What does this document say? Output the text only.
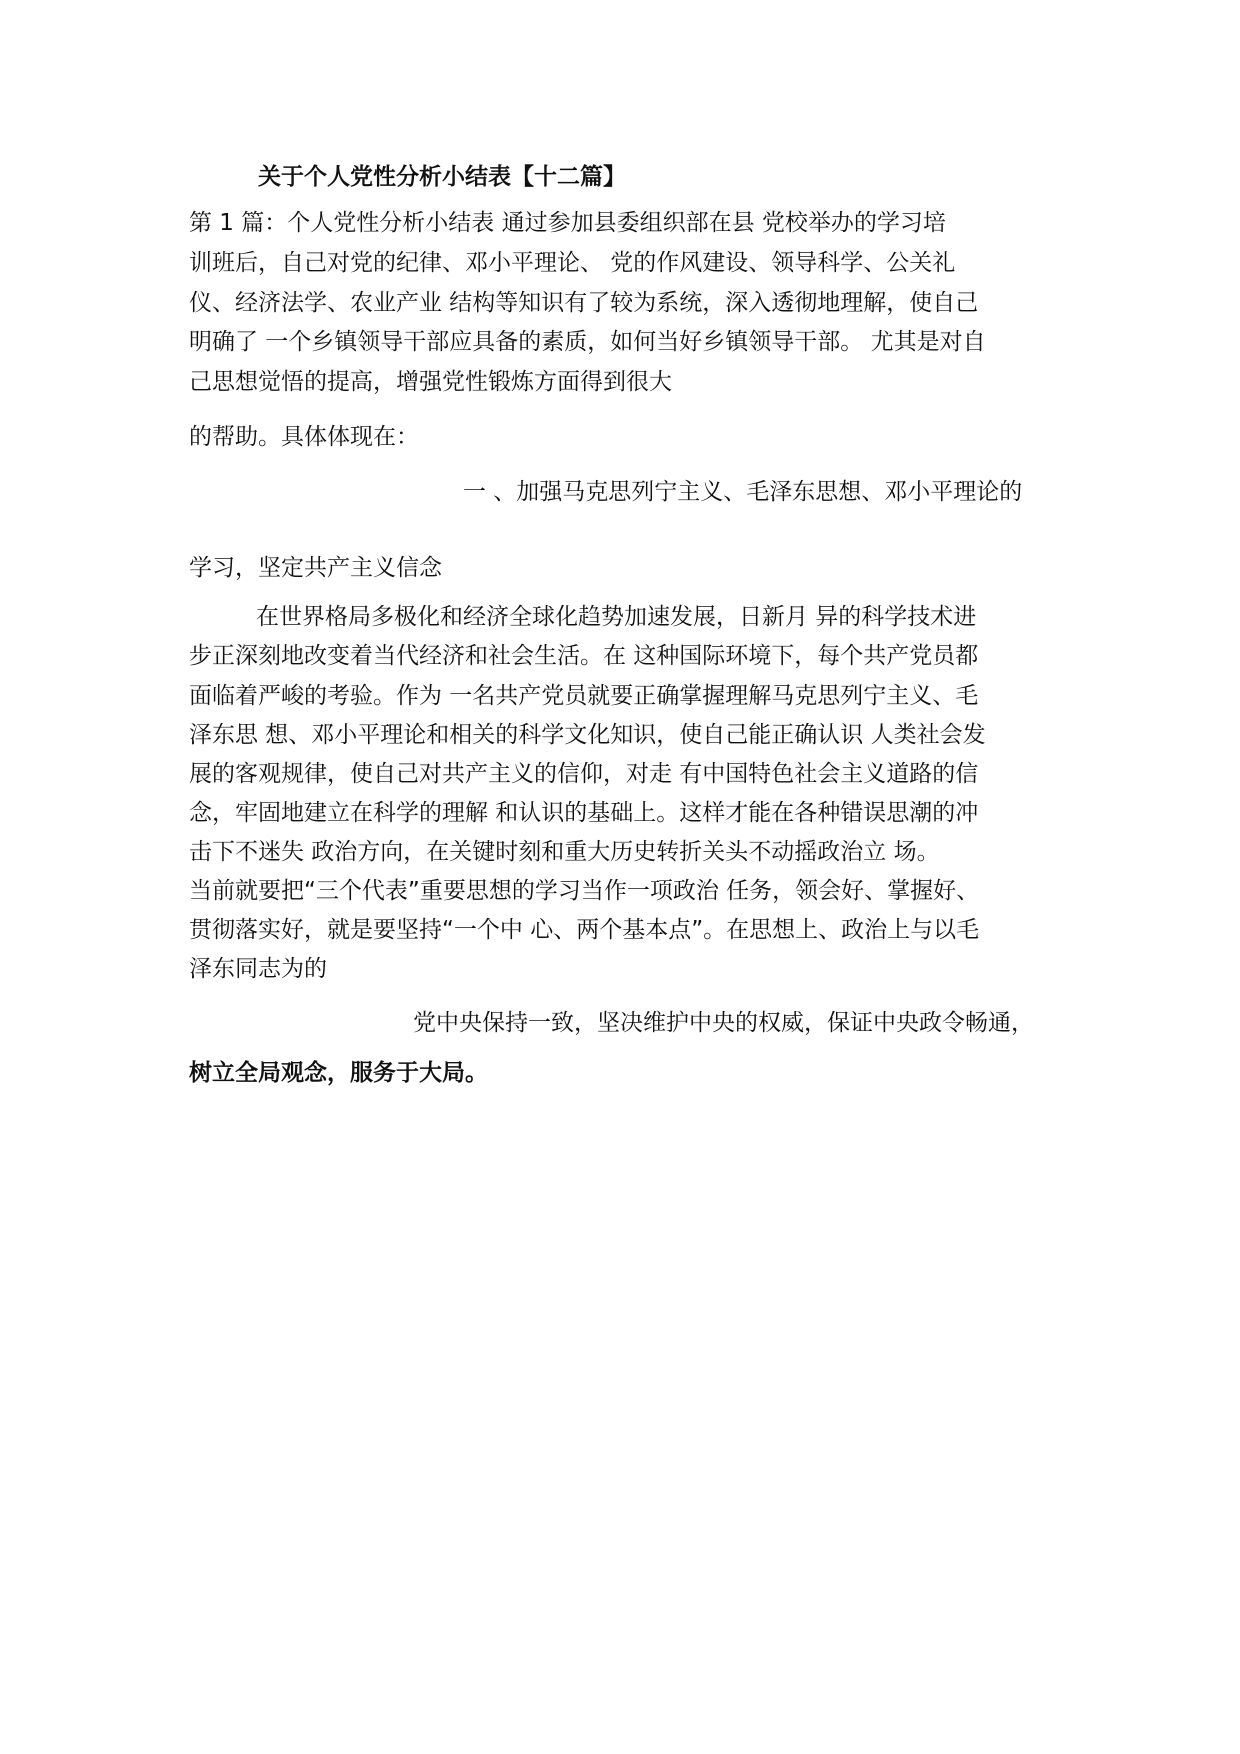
关于个人党性分析小结表【十二篇】
第 1 篇：个人党性分析小结表 通过参加县委组织部在县 党校举办的学习培
训班后，自己对党的纪律、邓小平理论、 党的作风建设、领导科学、公关礼
仪、经济法学、农业产业 结构等知识有了较为系统，深入透彻地理解，使自己
明确了 一个乡镇领导干部应具备的素质，如何当好乡镇领导干部。 尤其是对自
己思想觉悟的提高，增强党性锻炼方面得到很大
的帮助。具体体现在：
一 、加强马克思列宁主义、毛泽东思想、邓小平理论的
学习，坚定共产主义信念
在世界格局多极化和经济全球化趋势加速发展，日新月 异的科学技术进
步正深刻地改变着当代经济和社会生活。在 这种国际环境下，每个共产党员都
面临着严峻的考验。作为 一名共产党员就要正确掌握理解马克思列宁主义、毛
泽东思 想、邓小平理论和相关的科学文化知识，使自己能正确认识 人类社会发
展的客观规律，使自己对共产主义的信仰，对走 有中国特色社会主义道路的信
念，牢固地建立在科学的理解 和认识的基础上。这样才能在各种错误思潮的冲
击下不迷失 政治方向，在关键时刻和重大历史转折关头不动摇政治立 场。
当前就要把“三个代表”重要思想的学习当作一项政治 任务，领会好、掌握好、
贯彻落实好，就是要坚持“一个中 心、两个基本点”。在思想上、政治上与以毛
泽东同志为的
党中央保持一致，坚决维护中央的权威，保证中央政令畅通，
树立全局观念，服务于大局。
